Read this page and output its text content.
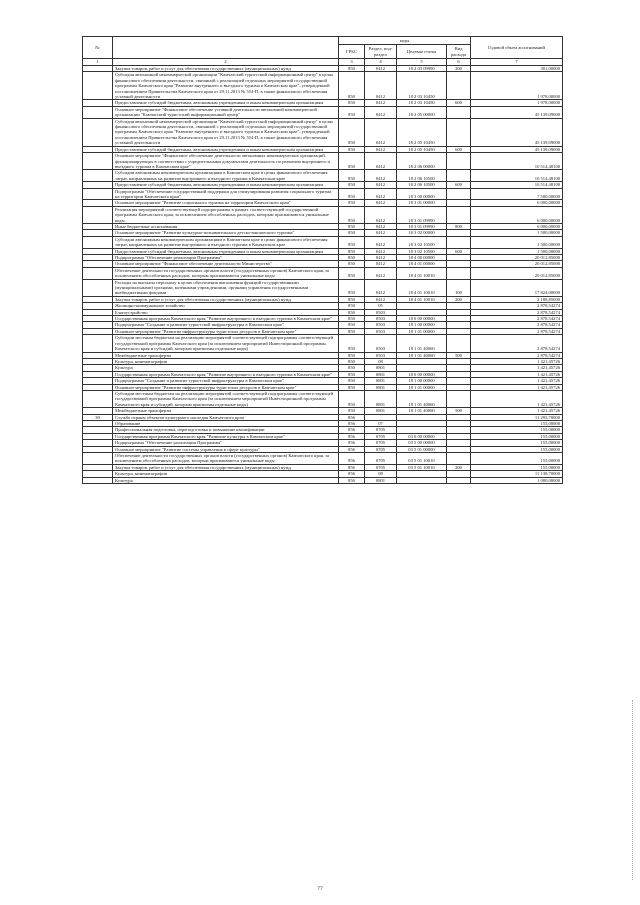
№		коды				Годовой объем ассигнований
		ГРБС	Раздел, под-раздел	Целевая статья	Вид расхода	
1	2	3	4	5	6	7
	Закупка товаров, работ и услуг для обеспечения государственных (муниципальных) нужд	850	0412	18 2 03 09990	200	301,00000
	Субсидия автономной некоммерческой организации "Камчатский туристский информационный центр" в целях финансового обеспечения деятельности, связанной с реализацией отдельных мероприятий государственной программы Камчатского края "Развитие внутреннего и въездного туризма в Камчатском крае", утвержденной постановлением Правительства Камчатского края от 29.11.2013 № 554-П, в также финансового обеспечения уставной деятельности	850	0412	18 2 03 10450		1 978,00000
	Предоставление субсидий бюджетным, автономным учреждениям и иным некоммерческим организациям	850	0412	18 2 03 10450	600	1 978,00000
	Основное мероприятие "Финансовое обеспечение уставной деятельности автономной некоммерческой организации "Камчатский туристский информационный центр"	850	0412	18 2 05 00000		45 139,09000
	Субсидия автономной некоммерческой организации "Камчатский туристский информационный центр" в целях финансового обеспечения деятельности, связанной с реализацией отдельных мероприятий государственной программы Камчатского края "Развитие внутреннего и въездного туризма в Камчатском крае", утвержденной постановлением Правительства Камчатского края от 29.11.2013 № 554-П, в также финансового обеспечения уставной деятельности	850	0412	18 2 05 10450		45 139,09000
	Предоставление субсидий бюджетным, автономным учреждениям и иным некоммерческим организациям	850	0412	18 2 05 10450	600	45 139,09000
	Основное мероприятие "Финансовое обеспечение деятельности автономных некоммерческих организаций, функционирующих в соответствии с учредительными документами деятельность по развитию внутреннего и въездного туризма в Камчатском крае"	850	0412	18 2 06 00000		10 514,48100
	Субсидии автономным некоммерческим организациям в Камчатском крае в целях финансового обеспечения затрат, направленных на развитие внутреннего и въездного туризма в Камчатском крае	850	0412	18 2 06 10500		10 514,48100
	Предоставление субсидий бюджетным, автономным учреждениям и иным некоммерческим организациям	850	0412	18 2 06 10500	600	10 514,48100
	Подпрограмма "Обеспечение государственной поддержки для стимулирования развития социального туризма на территории Камчатского края"	850	0412	18 3 00 00000		7 500,00000
	Основное мероприятие "Развитие социального туризма на территории Камчатского края"	850	0412	18 3 01 00000		6 000,00000
	Реализация мероприятий соответствующей подпрограммы в рамках соответствующей государственной программы Камчатского края, за исключением обособленных расходов, которым присваиваются уникальные коды	850	0412	18 3 01 09990		6 000,00000
	Иные бюджетные ассигнования	850	0412	18 3 01 09990	800	6 000,00000
	Основное мероприятие "Развитие культурно-познавательного детско-юношеского туризма"	850	0412	18 3 02 00000		1 500,00000
	Субсидии автономным некоммерческим организациям в Камчатском крае в целях финансового обеспечения затрат, направленных на развитие внутреннего и въездного туризма в Камчатском крае	850	0412	18 3 02 10500		1 500,00000
	Предоставление субсидий бюджетным, автономным учреждениям и иным некоммерческим организациям	850	0412	18 3 02 10500	600	1 500,00000
	Подпрограмма "Обеспечение реализации Программы"	850	0412	18 4 00 00000		20 012,85000
	Основное мероприятие "Финансовое обеспечение деятельности Министерства"	850	0412	18 4 01 00000		20 012,85000
	Обеспечение деятельности государственных органов власти (государственных органов) Камчатского края, за исключением обособленных расходов, которым присваиваются уникальные коды	850	0412	18 4 01 10010		20 012,85000
	Расходы на выплаты персоналу в целях обеспечения выполнения функций государственными (муниципальными) органами, казенными учреждениями, органами управления государственными внебюджетными фондами	850	0412	18 4 01 10010	100	17 824,00000
	Закупка товаров, работ и услуг для обеспечения государственных (муниципальных) нужд	850	0412	18 4 01 10010	200	2 188,85000
	Жилищно-коммунальное хозяйство	850	05			2 878,54274
	Благоустройство	850	0503			2 878,54274
	Государственная программа Камчатского края "Развитие внутреннего и въездного туризма в Камчатском крае"	850	0503	18 0 00 00000		2 878,54274
	Подпрограмма "Создание и развитие туристской инфраструктуры в Камчатском крае"	850	0503	18 1 00 00000		2 878,54274
	Основное мероприятие "Развитие инфраструктуры туристских ресурсов в Камчатском крае"	850	0503	18 1 01 00000		2 878,54274
	Субсидии местным бюджетам на реализацию мероприятий соответствующей подпрограммы соответствующей государственной программы Камчатского края (за исключением мероприятий Инвестиционной программы Камчатского края и субсидий, которым присвоены отдельные коды)	850	0503	18 1 01 40060		2 878,54274
	Межбюджетные трансферты	850	0503	18 1 01 40060	500	2 878,54274
	Культура, кинематография	850	08			1 421,45726
	Культура	850	0801			1 421,45726
	Государственная программа Камчатского края "Развитие внутреннего и въездного туризма в Камчатском крае"	850	0801	18 0 00 00000		1 421,45726
	Подпрограмма "Создание и развитие туристской инфраструктуры в Камчатском крае"	850	0801	18 1 00 00000		1 421,45726
	Основное мероприятие "Развитие инфраструктуры туристских ресурсов в Камчатском крае"	850	0801	18 1 01 00000		1 421,45726
	Субсидии местным бюджетам на реализацию мероприятий соответствующей подпрограммы соответствующей государственной программы Камчатского края (за исключением мероприятий Инвестиционной программы Камчатского края и субсидий, которым присвоены отдельные коды)	850	0801	18 1 01 40060		1 421,45726
	Межбюджетные трансферты	850	0801	18 1 01 40060	500	1 421,45726
30	Служба охраны объектов культурного наследия Камчатского края	856				11 293,70000
	Образование	856	07			155,00000
	Профессиональная подготовка, переподготовка и повышение квалификации	856	0705			155,00000
	Государственная программа Камчатского края "Развитие культуры в Камчатском крае"	856	0705	03 0 00 00000		155,00000
	Подпрограмма "Обеспечение реализации Программы"	856	0705	03 5 00 00000		155,00000
	Основное мероприятие "Развитие системы управления в сфере культуры"	856	0705	03 5 01 00000		155,00000
	Обеспечение деятельности государственных органов власти (государственных органов) Камчатского края, за исключением обособленных расходов, которым присваиваются уникальные коды	856	0705	03 5 01 10010		155,00000
	Закупка товаров, работ и услуг для обеспечения государственных (муниципальных) нужд	856	0705	03 5 01 10010	200	155,00000
	Культура, кинематография	856	08			11 138,70000
	Культура	856	0801			1 000,00000
77
